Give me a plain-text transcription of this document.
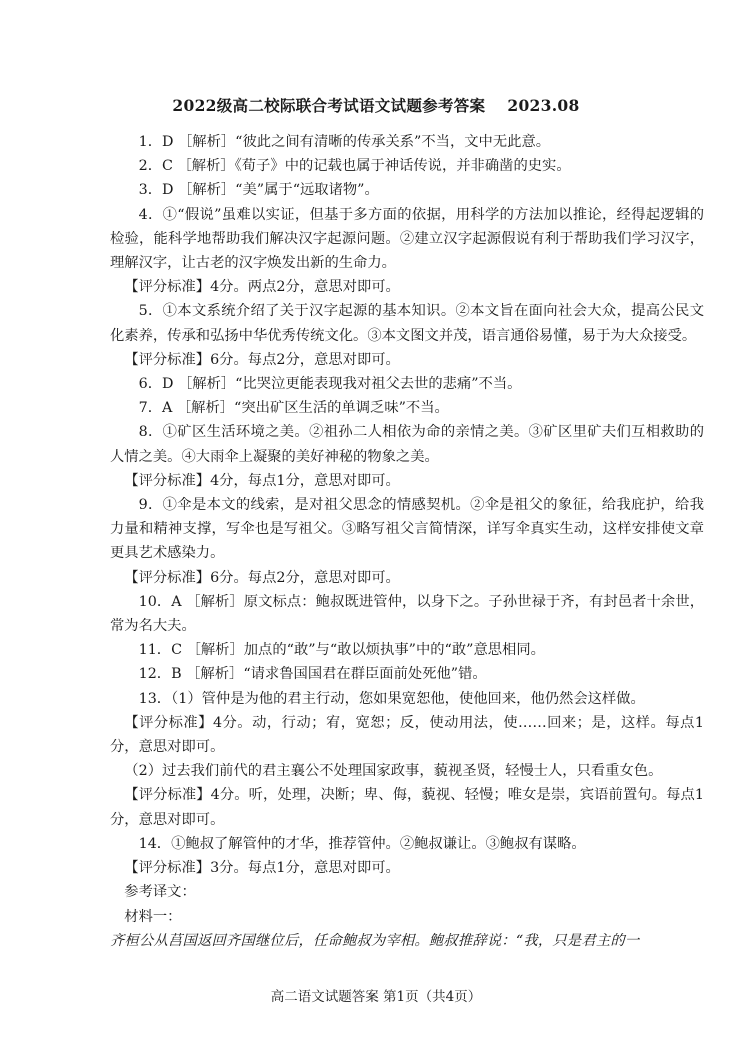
2022级高二校际联合考试语文试题参考答案 2023.08

1．D ［解析］“彼此之间有清晰的传承关系”不当，文中无此意。

2．C ［解析］《荀子》中的记载也属于神话传说，并非确凿的史实。

3．D ［解析］“美”属于“远取诸物”。

4．①“假说”虽难以实证，但基于多方面的依据，用科学的方法加以推论，经得起逻辑的检验，能科学地帮助我们解决汉字起源问题。②建立汉字起源假说有利于帮助我们学习汉字，理解汉字，让古老的汉字焕发出新的生命力。

【评分标准】4分。两点2分，意思对即可。

5．①本文系统介绍了关于汉字起源的基本知识。②本文旨在面向社会大众，提高公民文化素养，传承和弘扬中华优秀传统文化。③本文图文并茂，语言通俗易懂，易于为大众接受。

【评分标准】6分。每点2分，意思对即可。

6．D ［解析］“比哭泣更能表现我对祖父去世的悲痛”不当。

7．A ［解析］“突出矿区生活的单调乏味”不当。

8．①矿区生活环境之美。②祖孙二人相依为命的亲情之美。③矿区里矿夫们互相救助的人情之美。④大雨伞上凝聚的美好神秘的物象之美。

【评分标准】4分，每点1分，意思对即可。

9．①伞是本文的线索，是对祖父思念的情感契机。②伞是祖父的象征，给我庇护，给我力量和精神支撑，写伞也是写祖父。③略写祖父言简情深，详写伞真实生动，这样安排使文章更具艺术感染力。

【评分标准】6分。每点2分，意思对即可。

10．A ［解析］原文标点：鲍叔既进管仲，以身下之。子孙世禄于齐，有封邑者十余世，常为名大夫。

11．C ［解析］加点的“敢”与“敢以烦执事”中的“敢”意思相同。

12．B ［解析］“请求鲁国国君在群臣面前处死他”错。

13．（1）管仲是为他的君主行动，您如果宽恕他，使他回来，他仍然会这样做。

【评分标准】4分。动，行动；宥，宽恕；反，使动用法，使……回来；是，这样。每点1分，意思对即可。

（2）过去我们前代的君主襄公不处理国家政事，藐视圣贤，轻慢士人，只看重女色。

【评分标准】4分。听，处理，决断；卑、侮，藐视、轻慢；唯女是崇，宾语前置句。每点1分，意思对即可。

14．①鲍叔了解管仲的才华，推荐管仲。②鲍叔谦让。③鲍叔有谋略。

【评分标准】3分。每点1分，意思对即可。

参考译文：

材料一：

齐桓公从莒国返回齐国继位后，任命鲍叔为宰相。鲍叔推辞说：“我，只是君主的一

高二语文试题答案 第1页（共4页）
